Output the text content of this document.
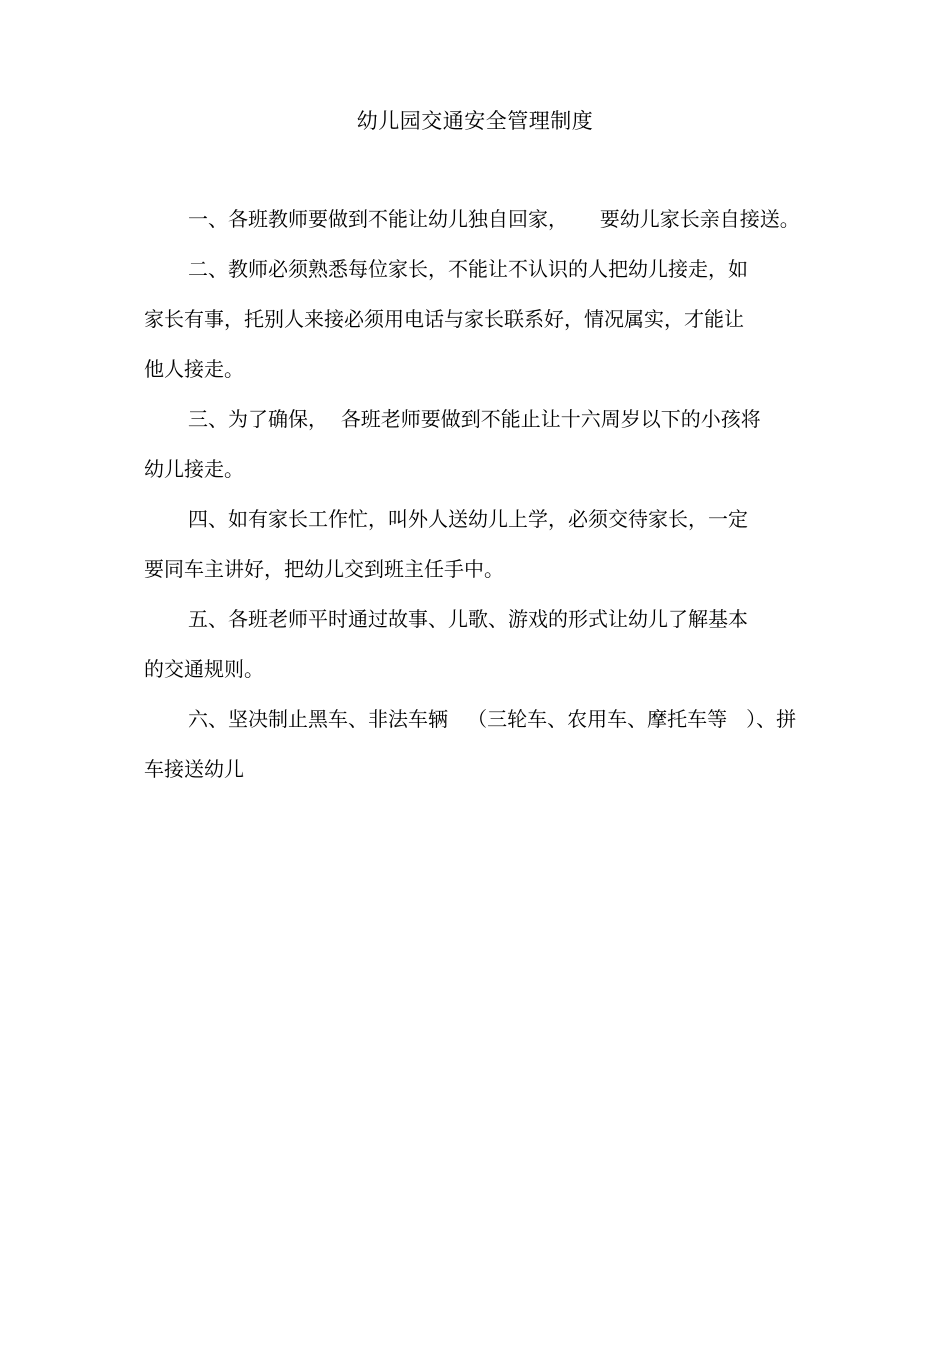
幼儿园交通安全管理制度
一、各班教师要做到不能让幼儿独自回家，     要幼儿家长亲自接送。
二、教师必须熟悉每位家长，不能让不认识的人把幼儿接走，如
家长有事，托别人来接必须用电话与家长联系好，情况属实，才能让
他人接走。
三、为了确保，  各班老师要做到不能止让十六周岁以下的小孩将
幼儿接走。
四、如有家长工作忙，叫外人送幼儿上学，必须交待家长，一定
要同车主讲好，把幼儿交到班主任手中。
五、各班老师平时通过故事、儿歌、游戏的形式让幼儿了解基本
的交通规则。
六、坚决制止黑车、非法车辆   （三轮车、农用车、摩托车等   ）、拼
车接送幼儿
